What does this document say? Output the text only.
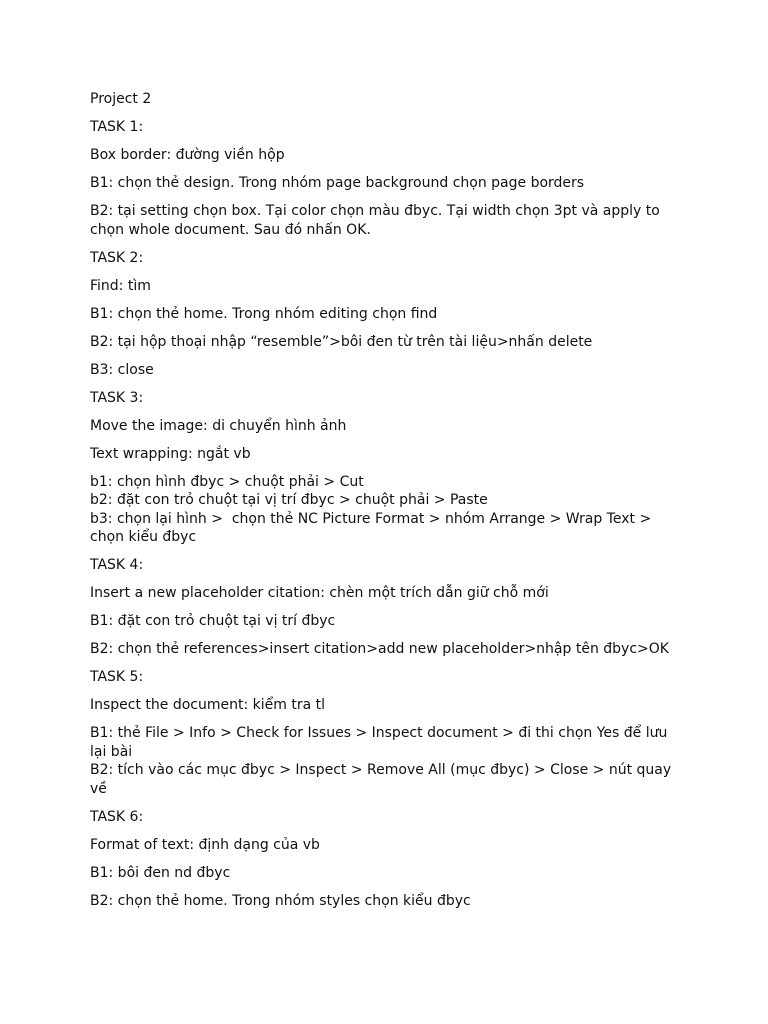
Project 2

TASK 1:

Box border: đường viền hộp

B1: chọn thẻ design. Trong nhóm page background chọn page borders

B2: tại setting chọn box. Tại color chọn màu đbyc. Tại width chọn 3pt và apply to chọn whole document. Sau đó nhấn OK.

TASK 2:

Find: tìm

B1: chọn thẻ home. Trong nhóm editing chọn find

B2: tại hộp thoại nhập “resemble”>bôi đen từ trên tài liệu>nhấn delete

B3: close

TASK 3:

Move the image: di chuyển hình ảnh

Text wrapping: ngắt vb

b1: chọn hình đbyc > chuột phải > Cut
b2: đặt con trỏ chuột tại vị trí đbyc > chuột phải > Paste
b3: chọn lại hình >  chọn thẻ NC Picture Format > nhóm Arrange > Wrap Text > chọn kiểu đbyc

TASK 4:

Insert a new placeholder citation: chèn một trích dẫn giữ chỗ mới

B1: đặt con trỏ chuột tại vị trí đbyc

B2: chọn thẻ references>insert citation>add new placeholder>nhập tên đbyc>OK

TASK 5:

Inspect the document: kiểm tra tl

B1: thẻ File > Info > Check for Issues > Inspect document > đi thi chọn Yes để lưu lại bài
B2: tích vào các mục đbyc > Inspect > Remove All (mục đbyc) > Close > nút quay về

TASK 6:

Format of text: định dạng của vb

B1: bôi đen nd đbyc

B2: chọn thẻ home. Trong nhóm styles chọn kiểu đbyc
